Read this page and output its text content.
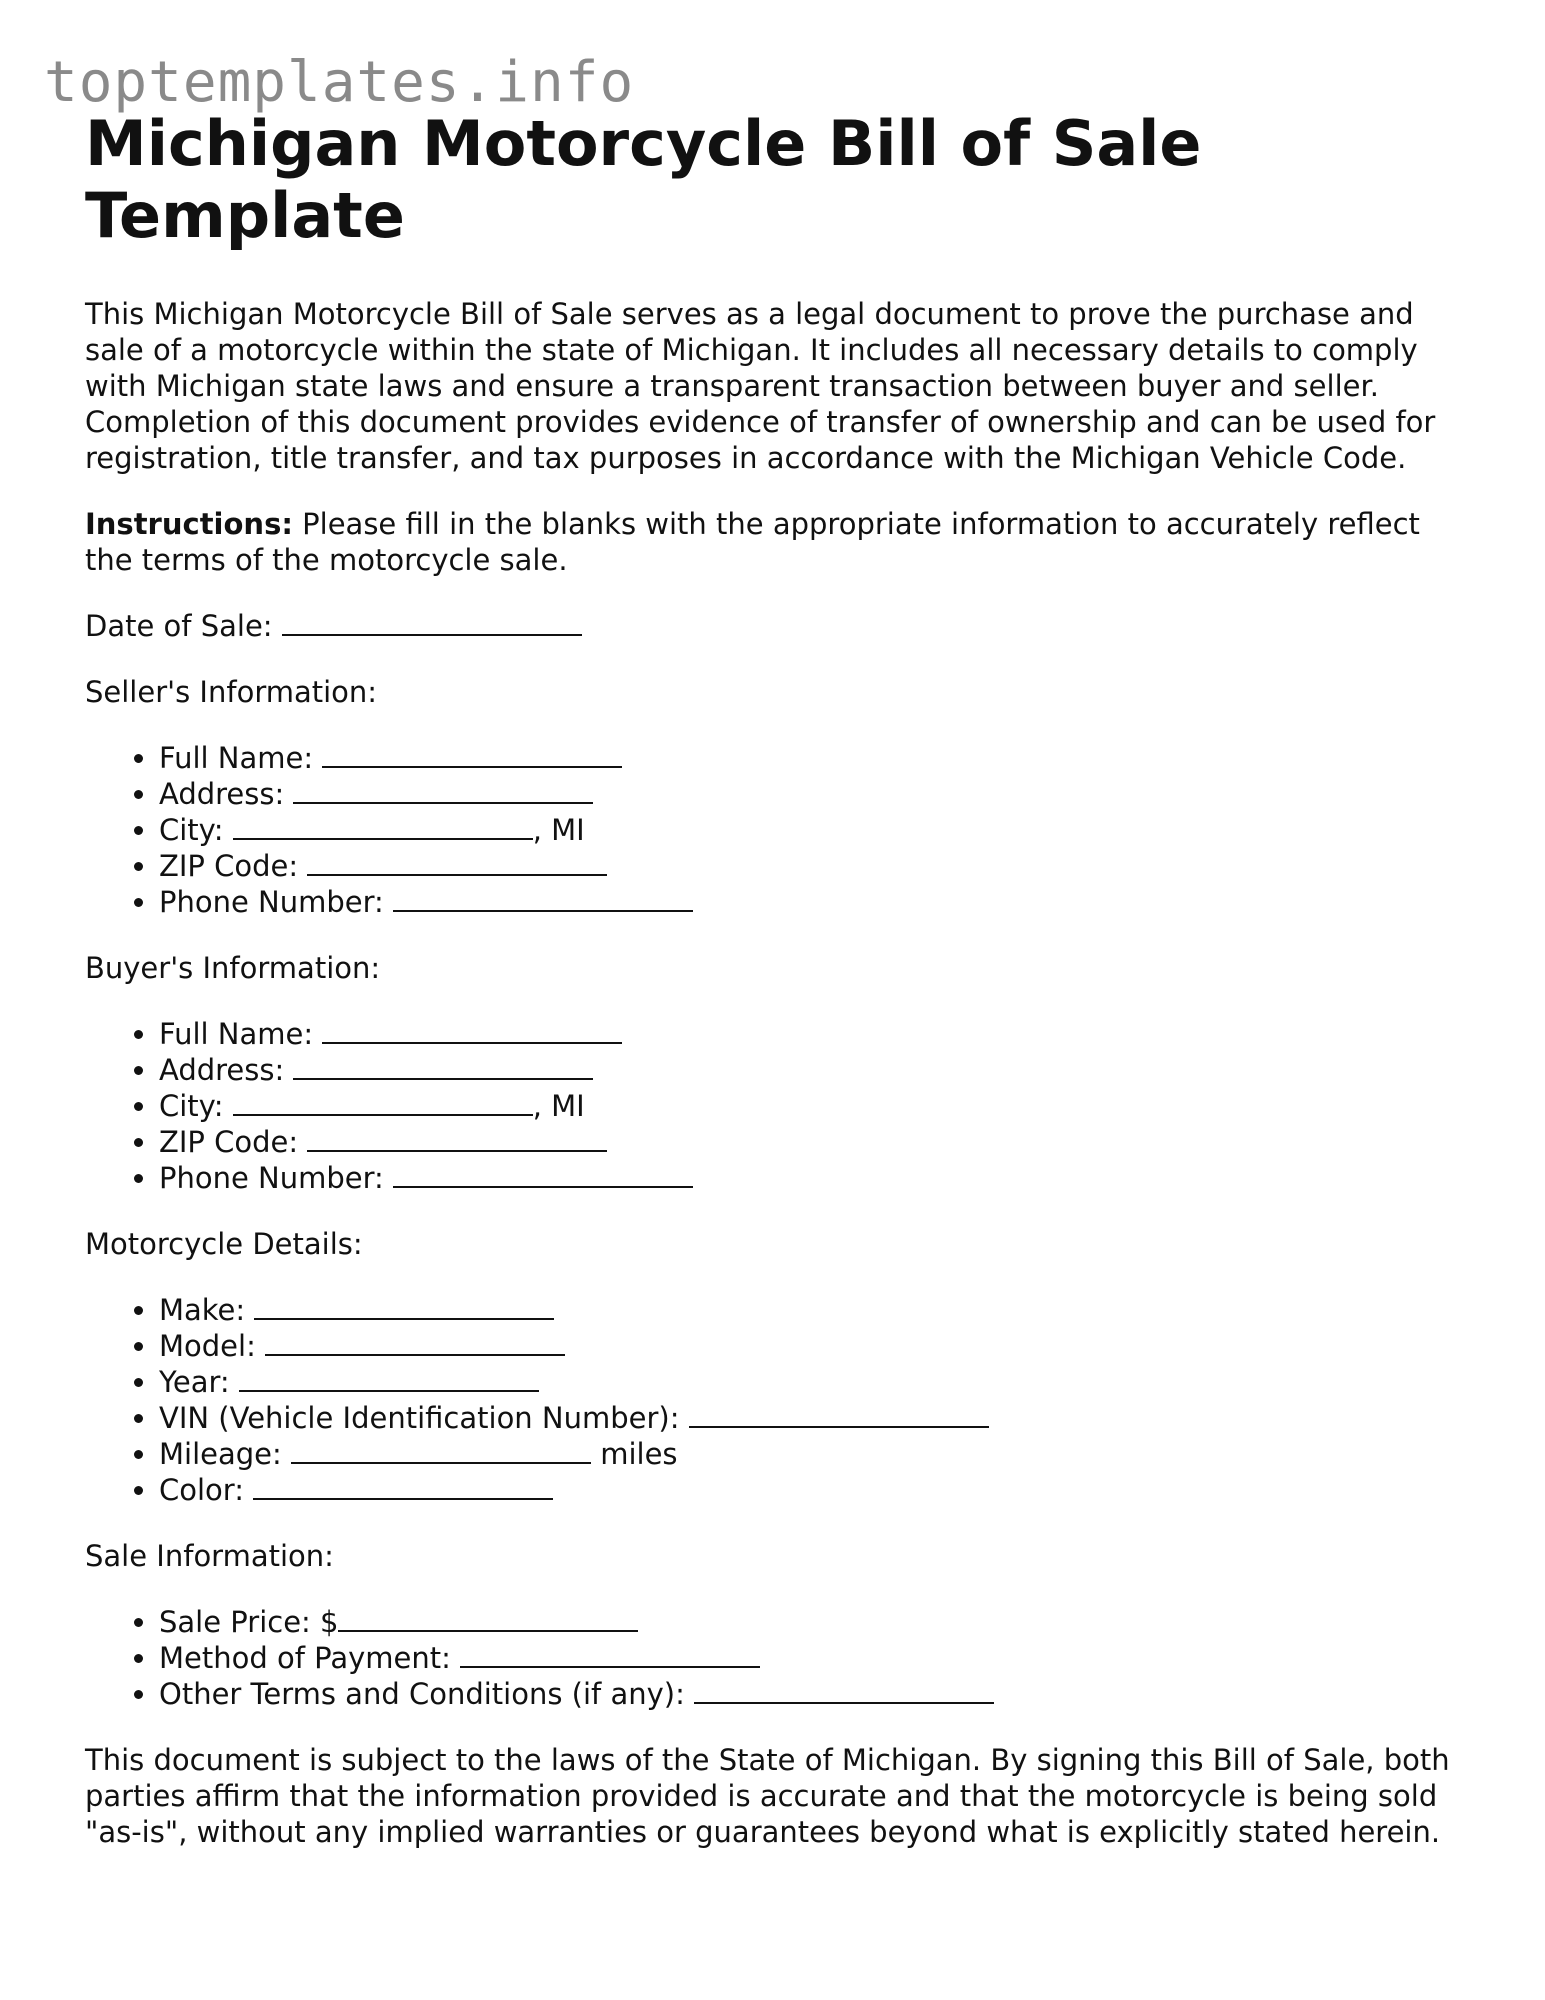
toptemplates.info
Michigan Motorcycle Bill of Sale Template

This Michigan Motorcycle Bill of Sale serves as a legal document to prove the purchase and sale of a motorcycle within the state of Michigan. It includes all necessary details to comply with Michigan state laws and ensure a transparent transaction between buyer and seller. Completion of this document provides evidence of transfer of ownership and can be used for registration, title transfer, and tax purposes in accordance with the Michigan Vehicle Code.

Instructions: Please fill in the blanks with the appropriate information to accurately reflect the terms of the motorcycle sale.

Date of Sale:

Seller's Information:

• Full Name:
• Address:
• City:	, MI
• ZIP Code:
• Phone Number:

Buyer's Information:

• Full Name:
• Address:
• City:	, MI
• ZIP Code:
• Phone Number:

Motorcycle Details:

• Make:
• Model:
• Year:
• VIN (Vehicle Identification Number):
• Mileage:	miles
• Color:

Sale Information:

• Sale Price: $
• Method of Payment:
• Other Terms and Conditions (if any):

This document is subject to the laws of the State of Michigan. By signing this Bill of Sale, both parties affirm that the information provided is accurate and that the motorcycle is being sold "as-is", without any implied warranties or guarantees beyond what is explicitly stated herein.
